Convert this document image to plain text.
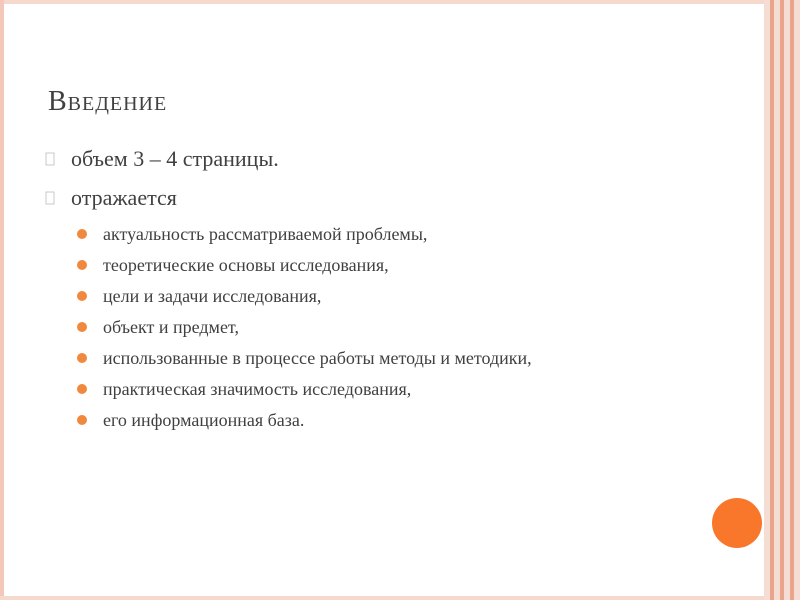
Введение
объем 3 – 4 страницы.
отражается
актуальность рассматриваемой проблемы,
теоретические основы исследования,
цели и задачи исследования,
объект и предмет,
использованные в процессе работы методы и методики,
практическая значимость исследования,
его информационная база.
